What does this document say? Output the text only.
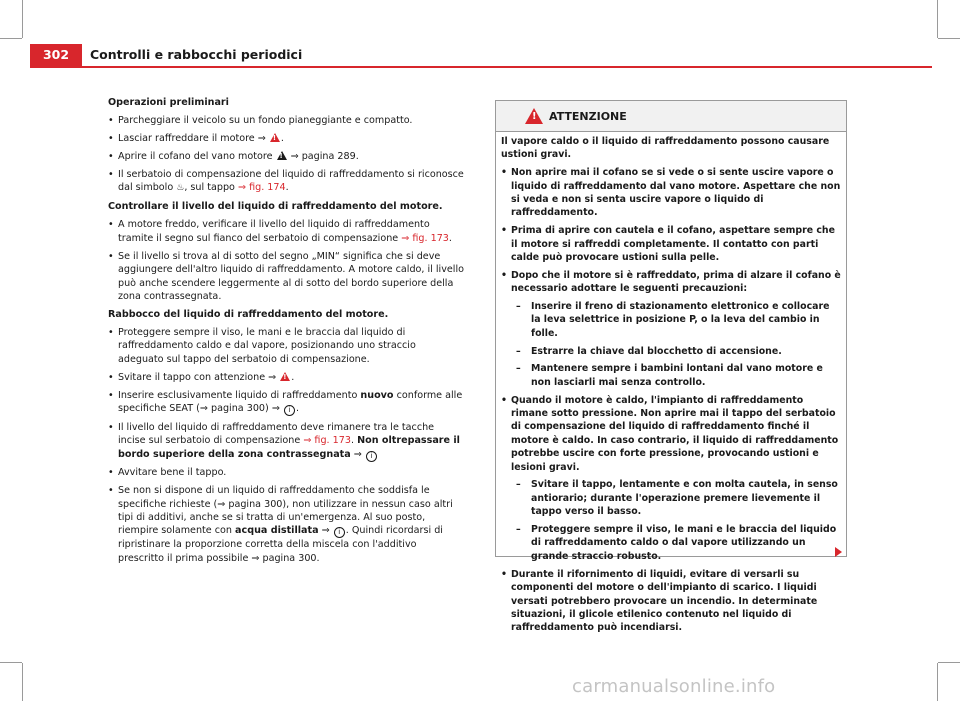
302	Controlli e rabbocchi periodici

Operazioni preliminari

• Parcheggiare il veicolo su un fondo pianeggiante e compatto.

• Lasciar raffreddare il motore ⇒ ! .

• Aprire il cofano del vano motore ! ⇒ pagina 289.

• Il serbatoio di compensazione del liquido di raffreddamento si riconosce dal simbolo ♨, sul tappo ⇒ fig. 174.

Controllare il livello del liquido di raffreddamento del motore.

• A motore freddo, verificare il livello del liquido di raffreddamento tramite il segno sul fianco del serbatoio di compensazione ⇒ fig. 173.

• Se il livello si trova al di sotto del segno „MIN“ significa che si deve aggiungere dell'altro liquido di raffreddamento. A motore caldo, il livello può anche scendere leggermente al di sotto del bordo superiore della zona contrassegnata.

Rabbocco del liquido di raffreddamento del motore.

• Proteggere sempre il viso, le mani e le braccia dal liquido di raffreddamento caldo e dal vapore, posizionando uno straccio adeguato sul tappo del serbatoio di compensazione.

• Svitare il tappo con attenzione ⇒ ! .

• Inserire esclusivamente liquido di raffreddamento nuovo conforme alle specifiche SEAT (⇒ pagina 300) ⇒ i .

• Il livello del liquido di raffreddamento deve rimanere tra le tacche incise sul serbatoio di compensazione ⇒ fig. 173. Non oltrepassare il bordo superiore della zona contrassegnata ⇒ i

• Avvitare bene il tappo.

• Se non si dispone di un liquido di raffreddamento che soddisfa le specifiche richieste (⇒ pagina 300), non utilizzare in nessun caso altri tipi di additivi, anche se si tratta di un'emergenza. Al suo posto, riempire solamente con acqua distillata ⇒ i . Quindi ricordarsi di ripristinare la proporzione corretta della miscela con l'additivo prescritto il prima possibile ⇒ pagina 300.

!
ATTENZIONE

Il vapore caldo o il liquido di raffreddamento possono causare ustioni gravi.

• Non aprire mai il cofano se si vede o si sente uscire vapore o liquido di raffreddamento dal vano motore. Aspettare che non si veda e non si senta uscire vapore o liquido di raffreddamento.

• Prima di aprire con cautela e il cofano, aspettare sempre che il motore si raffreddi completamente. Il contatto con parti calde può provocare ustioni sulla pelle.

• Dopo che il motore si è raffreddato, prima di alzare il cofano è necessario adottare le seguenti precauzioni:

– Inserire il freno di stazionamento elettronico e collocare la leva selettrice in posizione P, o la leva del cambio in folle.

– Estrarre la chiave dal blocchetto di accensione.

– Mantenere sempre i bambini lontani dal vano motore e non lasciarli mai senza controllo.

• Quando il motore è caldo, l'impianto di raffreddamento rimane sotto pressione. Non aprire mai il tappo del serbatoio di compensazione del liquido di raffreddamento finché il motore è caldo. In caso contrario, il liquido di raffreddamento potrebbe uscire con forte pressione, provocando ustioni e lesioni gravi.

– Svitare il tappo, lentamente e con molta cautela, in senso antiorario; durante l'operazione premere lievemente il tappo verso il basso.

– Proteggere sempre il viso, le mani e le braccia del liquido di raffreddamento caldo o dal vapore utilizzando un grande straccio robusto.

• Durante il rifornimento di liquidi, evitare di versarli su componenti del motore o dell'impianto di scarico. I liquidi versati potrebbero provocare un incendio. In determinate situazioni, il glicole etilenico contenuto nel liquido di raffreddamento può incendiarsi.

carmanualsonline.info
